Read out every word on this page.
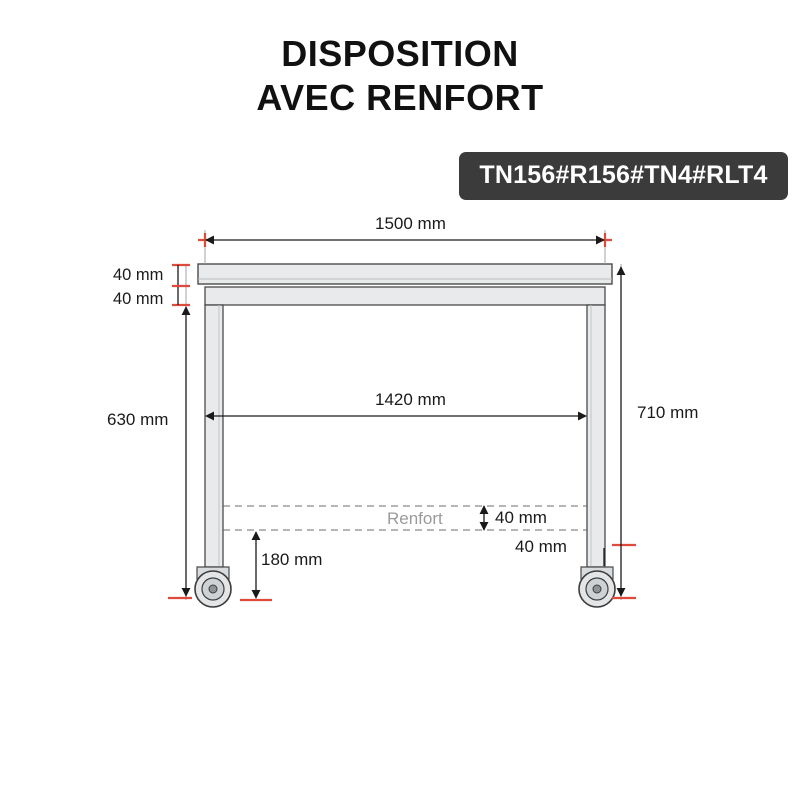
DISPOSITION
AVEC RENFORT
TN156#R156#TN4#RLT4
1500 mm
40 mm
40 mm
1420 mm
630 mm	710 mm
Renfort	40 mm
40 mm
180 mm
